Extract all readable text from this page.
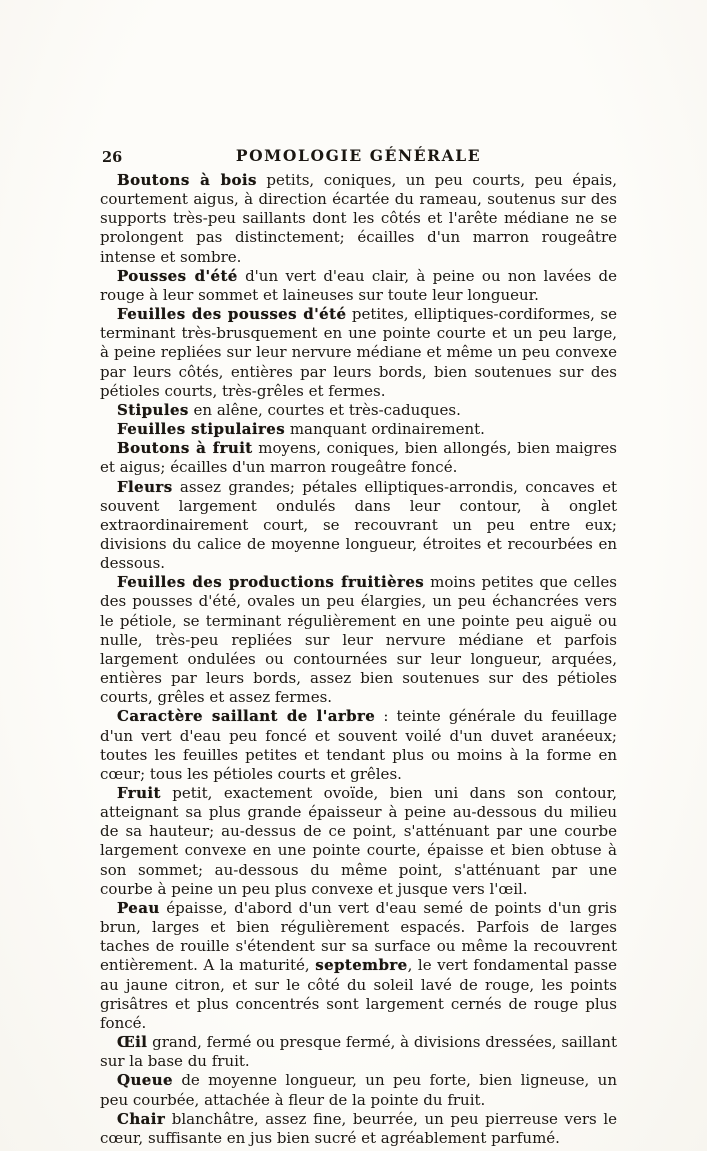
26	POMOLOGIE GÉNÉRALE

Boutons à bois petits, coniques, un peu courts, peu épais, courtement aigus, à direction écartée du rameau, soutenus sur des supports très-peu saillants dont les côtés et l'arête médiane ne se prolongent pas distinctement; écailles d'un marron rougeâtre intense et sombre.

Pousses d'été d'un vert d'eau clair, à peine ou non lavées de rouge à leur sommet et laineuses sur toute leur longueur.

Feuilles des pousses d'été petites, elliptiques-cordiformes, se terminant très-brusquement en une pointe courte et un peu large, à peine repliées sur leur nervure médiane et même un peu convexe par leurs côtés, entières par leurs bords, bien soutenues sur des pétioles courts, très-grêles et fermes.

Stipules en alêne, courtes et très-caduques.

Feuilles stipulaires manquant ordinairement.

Boutons à fruit moyens, coniques, bien allongés, bien maigres et aigus; écailles d'un marron rougeâtre foncé.

Fleurs assez grandes; pétales elliptiques-arrondis, concaves et souvent largement ondulés dans leur contour, à onglet extraordinairement court, se recouvrant un peu entre eux; divisions du calice de moyenne longueur, étroites et recourbées en dessous.

Feuilles des productions fruitières moins petites que celles des pousses d'été, ovales un peu élargies, un peu échancrées vers le pétiole, se terminant régulièrement en une pointe peu aiguë ou nulle, très-peu repliées sur leur nervure médiane et parfois largement ondulées ou contournées sur leur longueur, arquées, entières par leurs bords, assez bien soutenues sur des pétioles courts, grêles et assez fermes.

Caractère saillant de l'arbre : teinte générale du feuillage d'un vert d'eau peu foncé et souvent voilé d'un duvet aranéeux; toutes les feuilles petites et tendant plus ou moins à la forme en cœur; tous les pétioles courts et grêles.

Fruit petit, exactement ovoïde, bien uni dans son contour, atteignant sa plus grande épaisseur à peine au-dessous du milieu de sa hauteur; au-dessus de ce point, s'atténuant par une courbe largement convexe en une pointe courte, épaisse et bien obtuse à son sommet; au-dessous du même point, s'atténuant par une courbe à peine un peu plus convexe et jusque vers l'œil.

Peau épaisse, d'abord d'un vert d'eau semé de points d'un gris brun, larges et bien régulièrement espacés. Parfois de larges taches de rouille s'étendent sur sa surface ou même la recouvrent entièrement. A la maturité, septembre, le vert fondamental passe au jaune citron, et sur le côté du soleil lavé de rouge, les points grisâtres et plus concentrés sont largement cernés de rouge plus foncé.

Œil grand, fermé ou presque fermé, à divisions dressées, saillant sur la base du fruit.

Queue de moyenne longueur, un peu forte, bien ligneuse, un peu courbée, attachée à fleur de la pointe du fruit.

Chair blanchâtre, assez fine, beurrée, un peu pierreuse vers le cœur, suffisante en jus bien sucré et agréablement parfumé.
